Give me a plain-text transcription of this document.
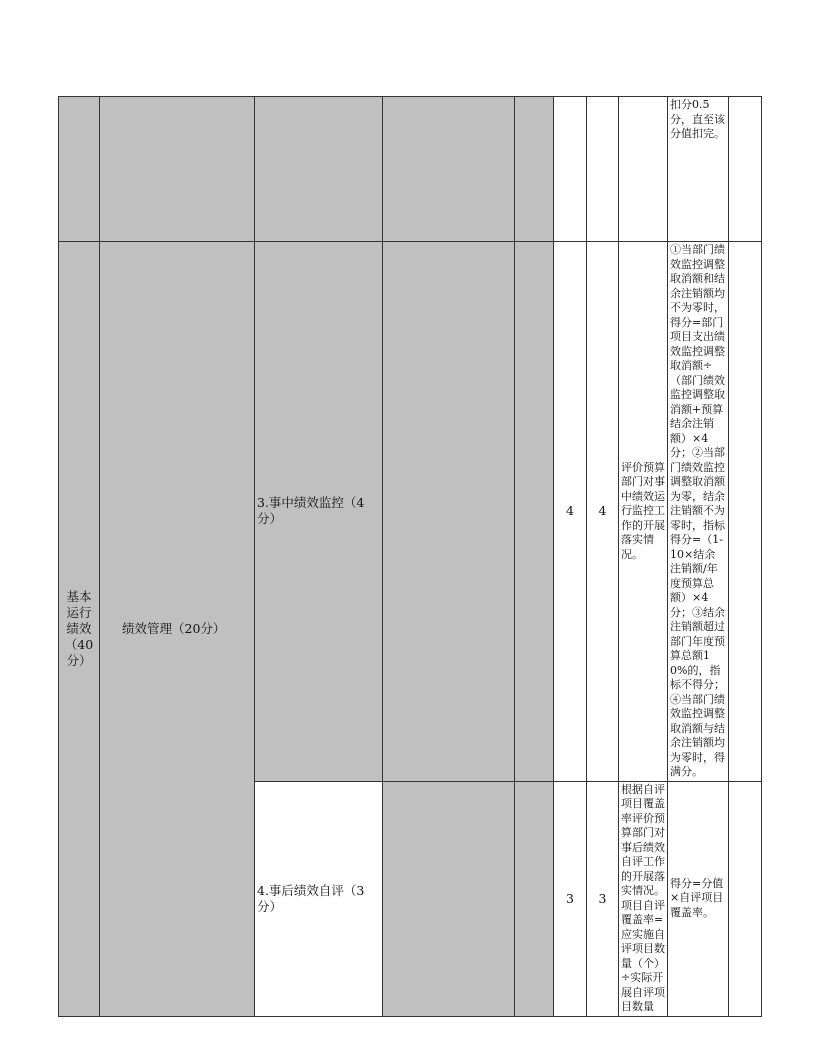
								扣分0.5分，直至该分值扣完。	
基本运行绩效（40分）	绩效管理（20分）	3.事中绩效监控（4分）			4	4	评价预算部门对事中绩效运行监控工作的开展落实情况。	①当部门绩效监控调整取消额和结余注销额均不为零时，得分=部门项目支出绩效监控调整取消额÷（部门绩效监控调整取消额+预算结余注销额）×4分；②当部门绩效监控调整取消额为零，结余注销额不为零时，指标得分=（1-10×结余注销额/年度预算总额）×4分；③结余注销额超过部门年度预算总额10%的，指标不得分；④当部门绩效监控调整取消额与结余注销额均为零时，得满分。	
		4.事后绩效自评（3分）			3	3	根据自评项目覆盖率评价预算部门对事后绩效自评工作的开展落实情况。项目自评覆盖率=应实施自评项目数量（个）÷实际开展自评项目数量	得分=分值×自评项目覆盖率。	
